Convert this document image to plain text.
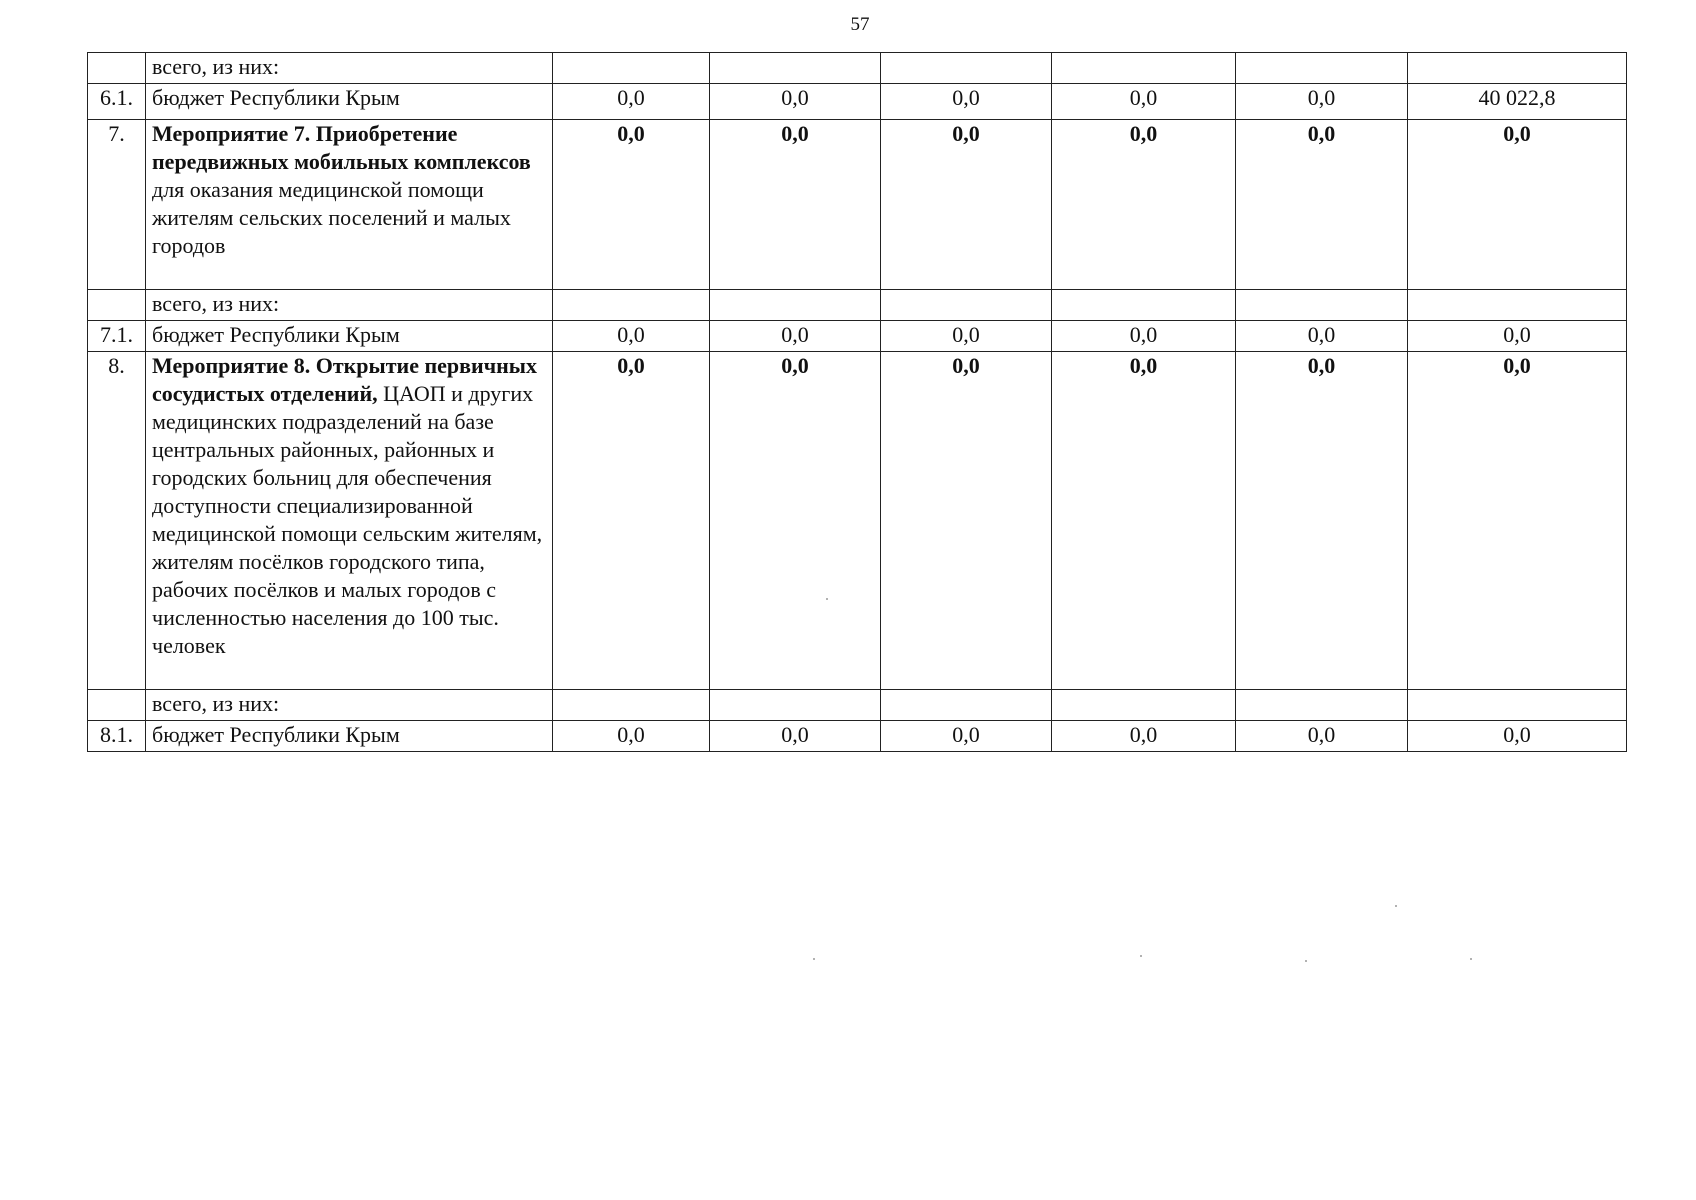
57
	всего, из них:						
6.1.	бюджет Республики Крым	0,0	0,0	0,0	0,0	0,0	40 022,8
7.	Мероприятие 7. Приобретение передвижных мобильных комплексов для оказания медицинской помощи жителям сельских поселений и малых городов	0,0	0,0	0,0	0,0	0,0	0,0
	всего, из них:						
7.1.	бюджет Республики Крым	0,0	0,0	0,0	0,0	0,0	0,0
8.	Мероприятие 8. Открытие первичных сосудистых отделений, ЦАОП и других медицинских подразделений на базе центральных районных, районных и городских больниц для обеспечения доступности специализированной медицинской помощи сельским жителям, жителям посёлков городского типа, рабочих посёлков и малых городов с численностью населения до 100 тыс. человек	0,0	0,0	0,0	0,0	0,0	0,0
	всего, из них:						
8.1.	бюджет Республики Крым	0,0	0,0	0,0	0,0	0,0	0,0
